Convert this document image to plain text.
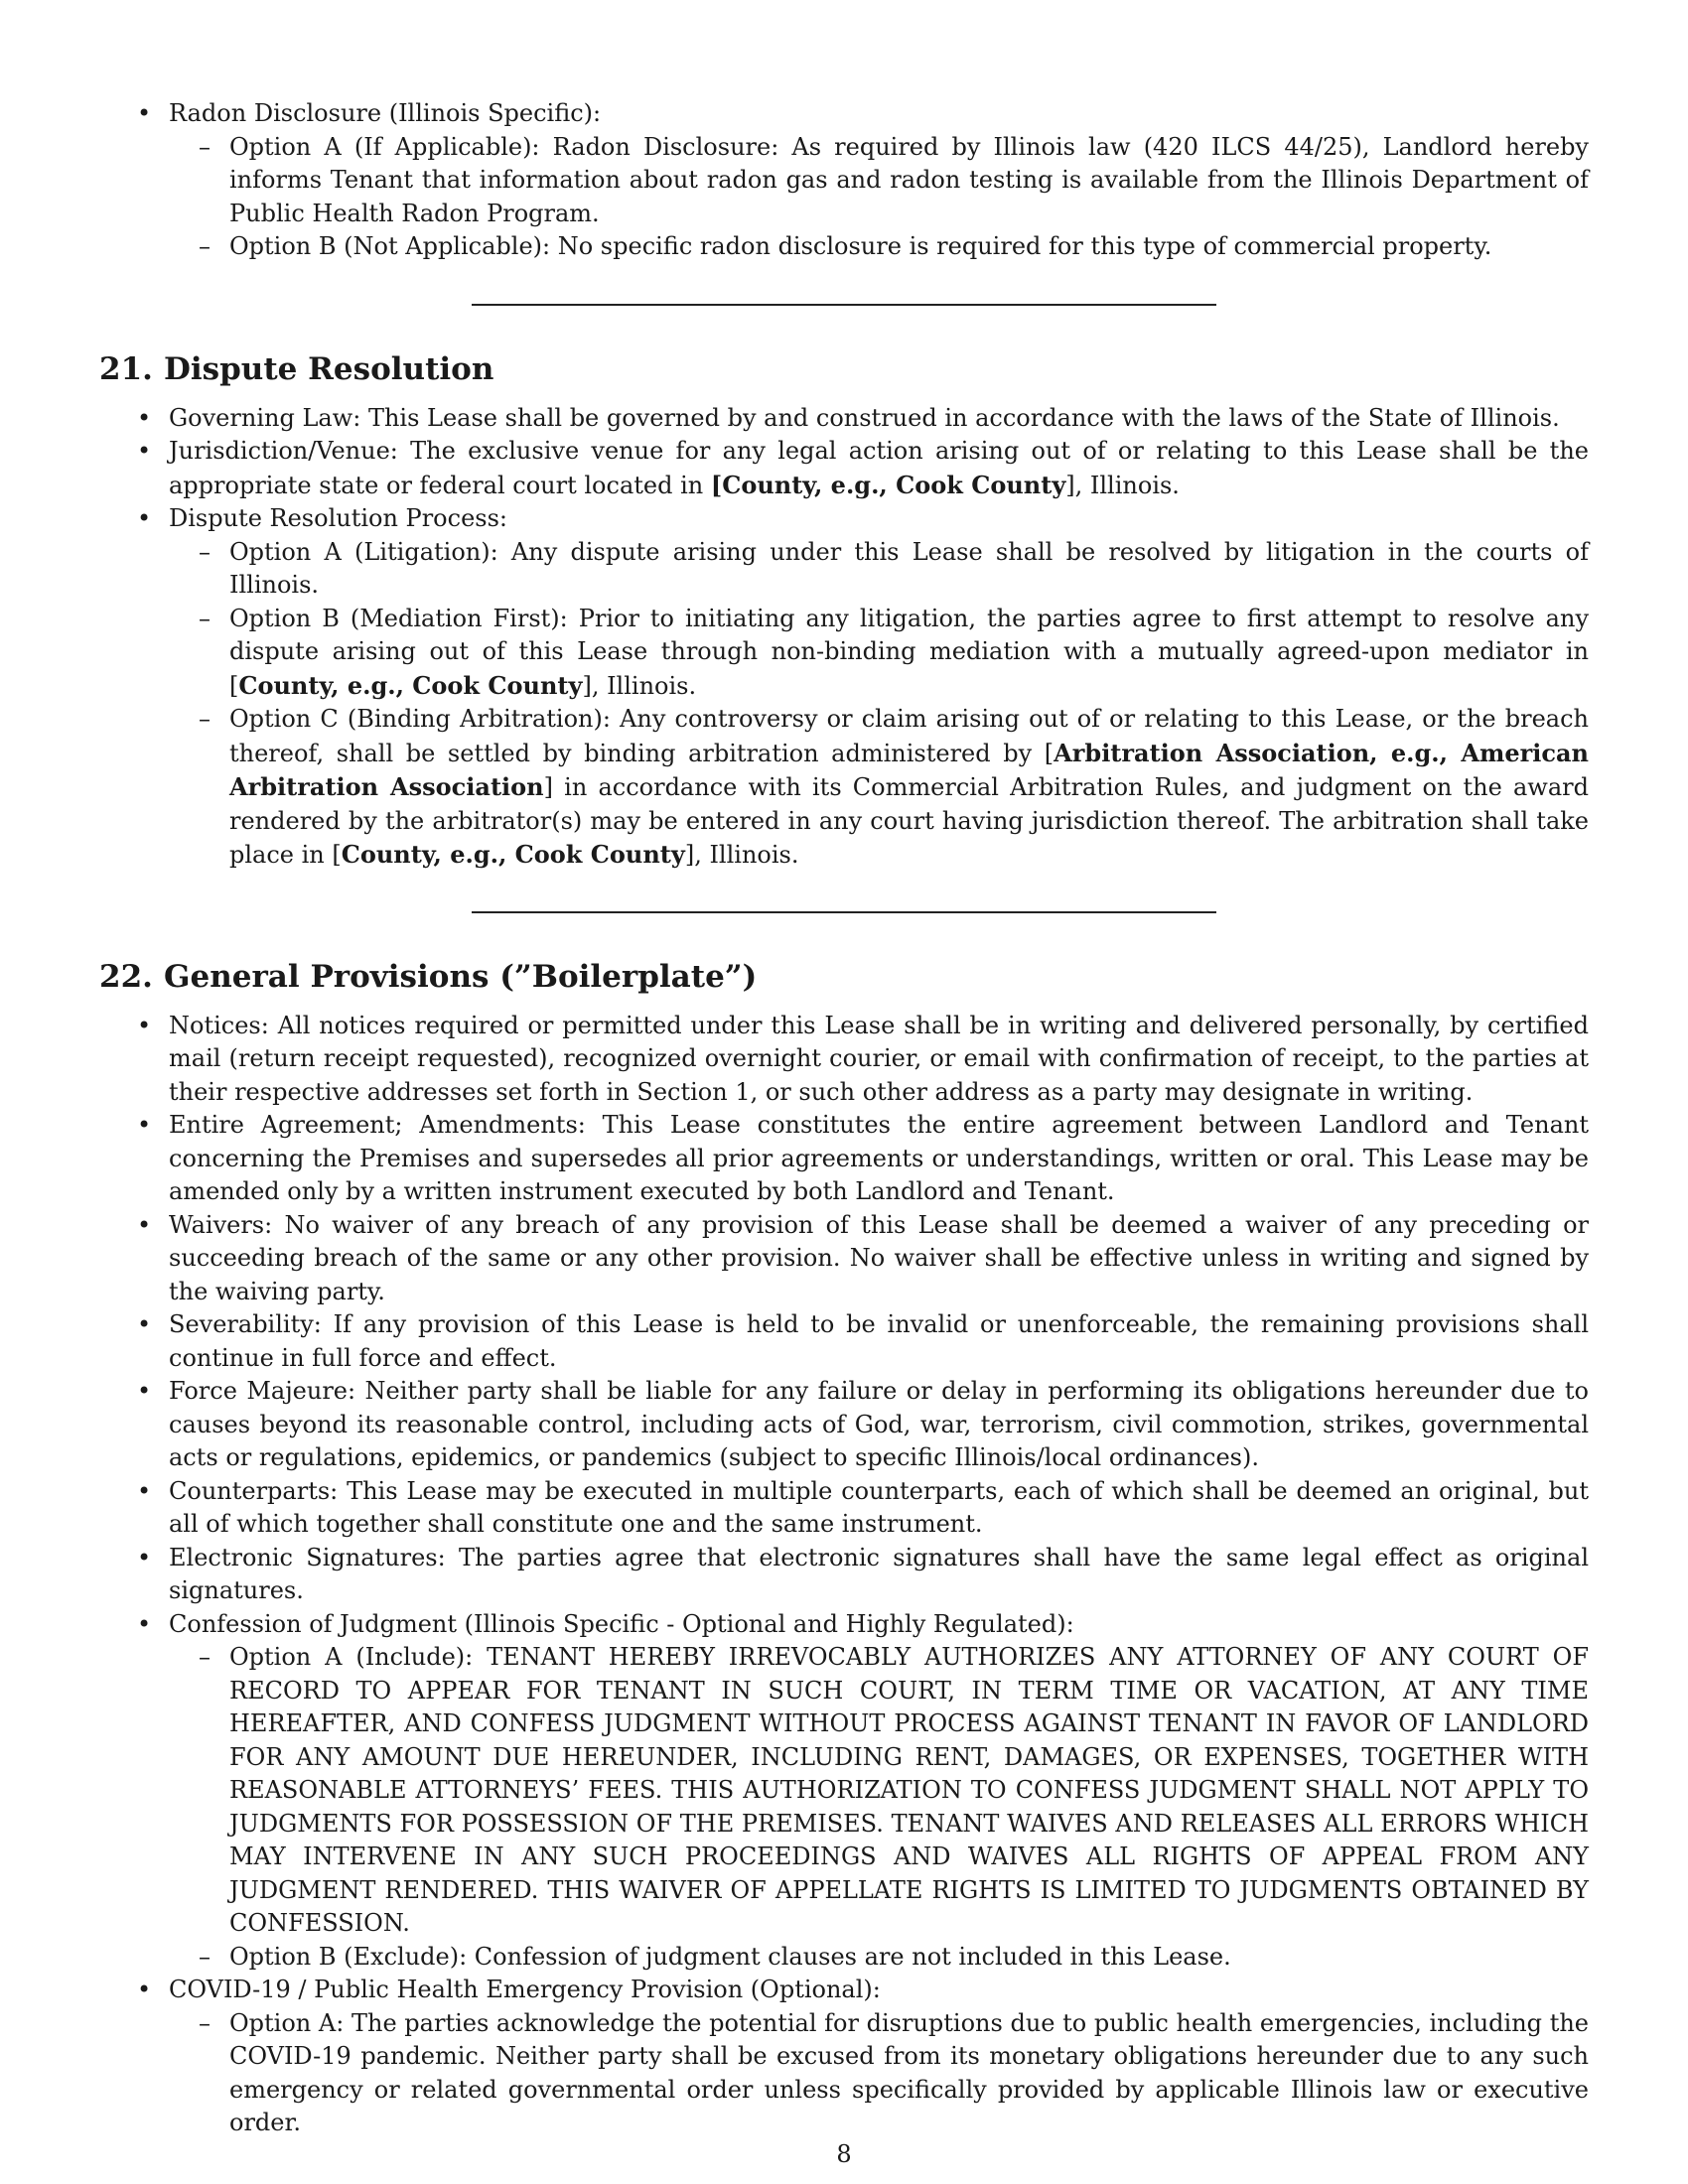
• Radon Disclosure (Illinois Specific):
– Option A (If Applicable): Radon Disclosure: As required by Illinois law (420 ILCS 44/25), Landlord hereby informs Tenant that information about radon gas and radon testing is available from the Illinois Department of Public Health Radon Program.
– Option B (Not Applicable): No specific radon disclosure is required for this type of commercial property.
21. Dispute Resolution
• Governing Law: This Lease shall be governed by and construed in accordance with the laws of the State of Illinois.
• Jurisdiction/Venue: The exclusive venue for any legal action arising out of or relating to this Lease shall be the appropriate state or federal court located in [County, e.g., Cook County], Illinois.
• Dispute Resolution Process:
– Option A (Litigation): Any dispute arising under this Lease shall be resolved by litigation in the courts of Illinois.
– Option B (Mediation First): Prior to initiating any litigation, the parties agree to first attempt to resolve any dispute arising out of this Lease through non-binding mediation with a mutually agreed-upon mediator in [County, e.g., Cook County], Illinois.
– Option C (Binding Arbitration): Any controversy or claim arising out of or relating to this Lease, or the breach thereof, shall be settled by binding arbitration administered by [Arbitration Association, e.g., American Arbitration Association] in accordance with its Commercial Arbitration Rules, and judgment on the award rendered by the arbitrator(s) may be entered in any court having jurisdiction thereof. The arbitration shall take place in [County, e.g., Cook County], Illinois.
22. General Provisions (”Boilerplate”)
• Notices: All notices required or permitted under this Lease shall be in writing and delivered personally, by certified mail (return receipt requested), recognized overnight courier, or email with confirmation of receipt, to the parties at their respective addresses set forth in Section 1, or such other address as a party may designate in writing.
• Entire Agreement; Amendments: This Lease constitutes the entire agreement between Landlord and Tenant concerning the Premises and supersedes all prior agreements or understandings, written or oral. This Lease may be amended only by a written instrument executed by both Landlord and Tenant.
• Waivers: No waiver of any breach of any provision of this Lease shall be deemed a waiver of any preceding or succeeding breach of the same or any other provision. No waiver shall be effective unless in writing and signed by the waiving party.
• Severability: If any provision of this Lease is held to be invalid or unenforceable, the remaining provisions shall continue in full force and effect.
• Force Majeure: Neither party shall be liable for any failure or delay in performing its obligations hereunder due to causes beyond its reasonable control, including acts of God, war, terrorism, civil commotion, strikes, governmental acts or regulations, epidemics, or pandemics (subject to specific Illinois/local ordinances).
• Counterparts: This Lease may be executed in multiple counterparts, each of which shall be deemed an original, but all of which together shall constitute one and the same instrument.
• Electronic Signatures: The parties agree that electronic signatures shall have the same legal effect as original signatures.
• Confession of Judgment (Illinois Specific - Optional and Highly Regulated):
– Option A (Include): TENANT HEREBY IRREVOCABLY AUTHORIZES ANY ATTORNEY OF ANY COURT OF RECORD TO APPEAR FOR TENANT IN SUCH COURT, IN TERM TIME OR VACATION, AT ANY TIME HEREAFTER, AND CONFESS JUDGMENT WITHOUT PROCESS AGAINST TENANT IN FAVOR OF LANDLORD FOR ANY AMOUNT DUE HEREUNDER, INCLUDING RENT, DAMAGES, OR EXPENSES, TOGETHER WITH REASONABLE ATTORNEYS’ FEES. THIS AUTHORIZATION TO CONFESS JUDGMENT SHALL NOT APPLY TO JUDGMENTS FOR POSSESSION OF THE PREMISES. TENANT WAIVES AND RELEASES ALL ERRORS WHICH MAY INTERVENE IN ANY SUCH PROCEEDINGS AND WAIVES ALL RIGHTS OF APPEAL FROM ANY JUDGMENT RENDERED. THIS WAIVER OF APPELLATE RIGHTS IS LIMITED TO JUDGMENTS OBTAINED BY CONFESSION.
– Option B (Exclude): Confession of judgment clauses are not included in this Lease.
• COVID-19 / Public Health Emergency Provision (Optional):
– Option A: The parties acknowledge the potential for disruptions due to public health emergencies, including the COVID-19 pandemic. Neither party shall be excused from its monetary obligations hereunder due to any such emergency or related governmental order unless specifically provided by applicable Illinois law or executive order.
8
